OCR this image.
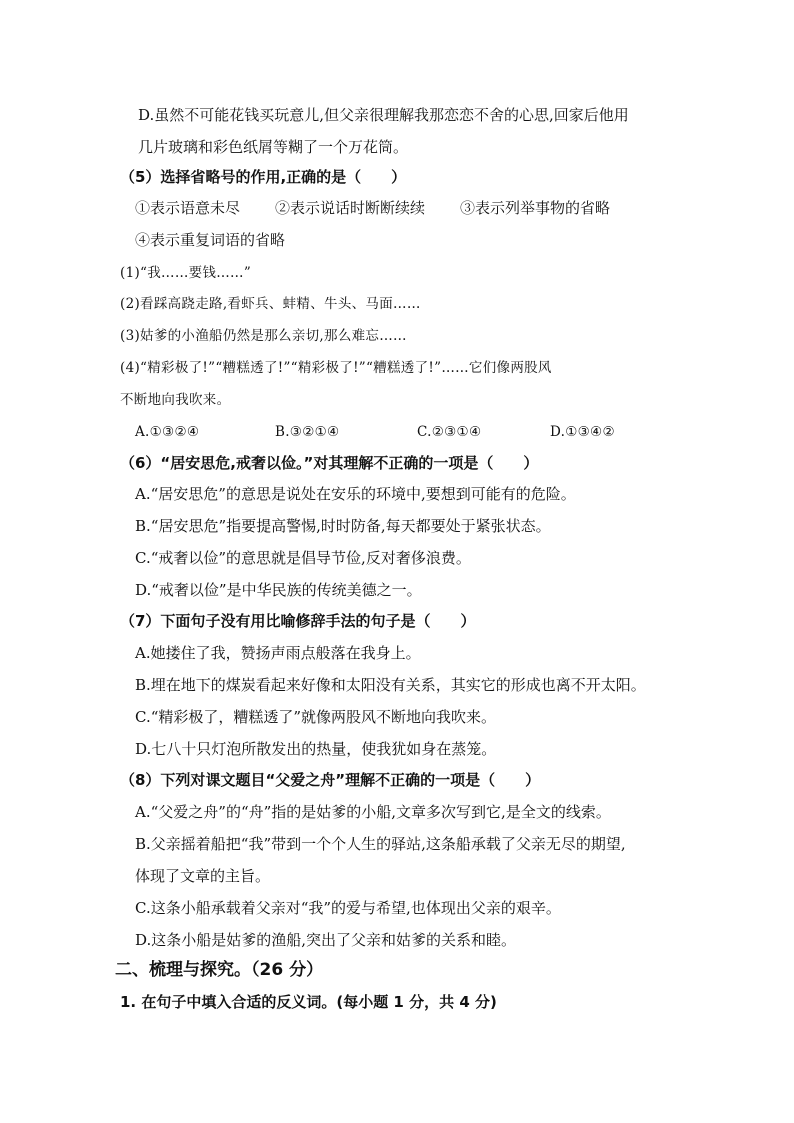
D.虽然不可能花钱买玩意儿,但父亲很理解我那恋恋不舍的心思,回家后他用
几片玻璃和彩色纸屑等糊了一个万花筒。
（5）选择省略号的作用,正确的是（　　）
①表示语意未尽 ②表示说话时断断续续 ③表示列举事物的省略
④表示重复词语的省略
(1)“我……要钱……”
(2)看踩高跷走路,看虾兵、蚌精、牛头、马面……
(3)姑爹的小渔船仍然是那么亲切,那么难忘……
(4)“精彩极了!”“糟糕透了!”“精彩极了!”“糟糕透了!”……它们像两股风
不断地向我吹来。
A.①③②④	B.③②①④	C.②③①④	D.①③④②
（6）“居安思危,戒奢以俭。”对其理解不正确的一项是（　　）
A.“居安思危”的意思是说处在安乐的环境中,要想到可能有的危险。
B.“居安思危”指要提高警惕,时时防备,每天都要处于紧张状态。
C.“戒奢以俭”的意思就是倡导节俭,反对奢侈浪费。
D.“戒奢以俭”是中华民族的传统美德之一。
（7）下面句子没有用比喻修辞手法的句子是（　　）
A.她搂住了我，赞扬声雨点般落在我身上。
B.埋在地下的煤炭看起来好像和太阳没有关系，其实它的形成也离不开太阳。
C.“精彩极了，糟糕透了”就像两股风不断地向我吹来。
D.七八十只灯泡所散发出的热量，使我犹如身在蒸笼。
（8）下列对课文题目“父爱之舟”理解不正确的一项是（　　）
A.“父爱之舟”的“舟”指的是姑爹的小船,文章多次写到它,是全文的线索。
B.父亲摇着船把“我”带到一个个人生的驿站,这条船承载了父亲无尽的期望,
体现了文章的主旨。
C.这条小船承载着父亲对“我”的爱与希望,也体现出父亲的艰辛。
D.这条小船是姑爹的渔船,突出了父亲和姑爹的关系和睦。
二、梳理与探究。（26 分）
1. 在句子中填入合适的反义词。(每小题 1 分，共 4 分)
